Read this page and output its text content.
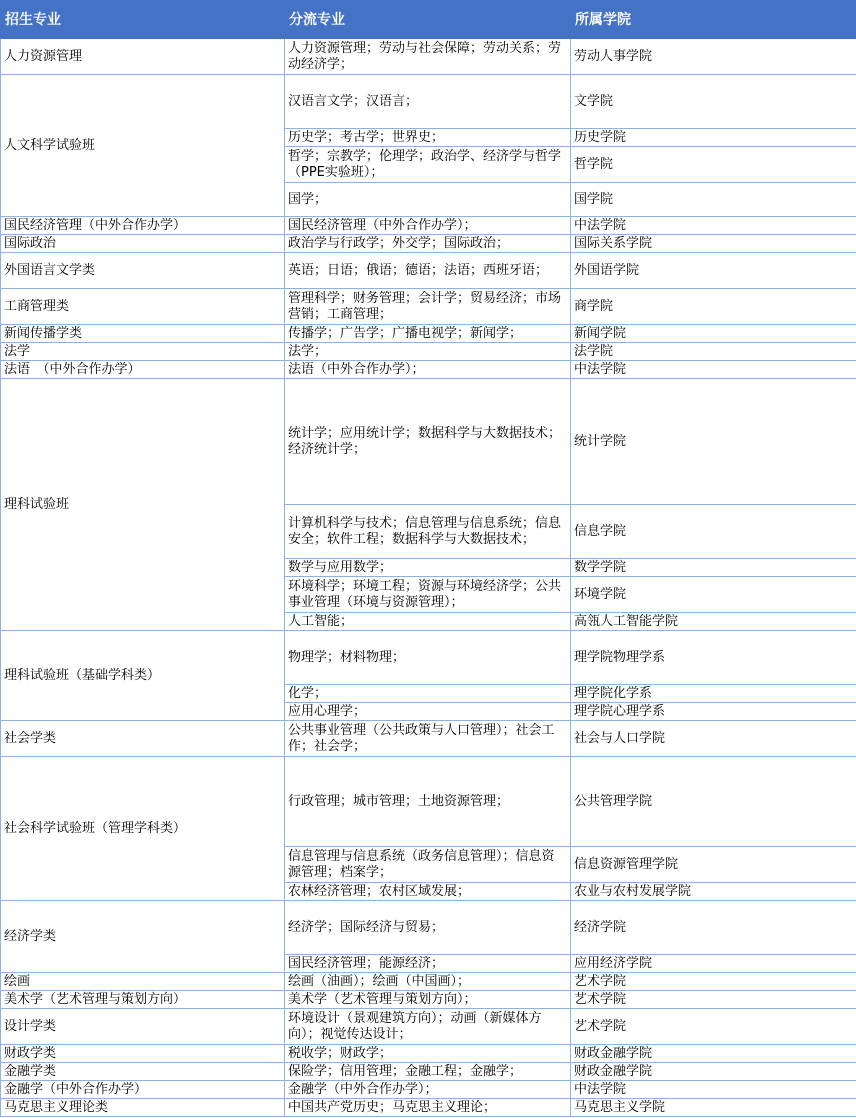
招生专业	分流专业	所属学院
人力资源管理	人力资源管理；劳动与社会保障；劳动关系；劳动经济学；	劳动人事学院
人文科学试验班	汉语言文学；汉语言；	文学院
	历史学；考古学；世界史；	历史学院
	哲学；宗教学；伦理学；政治学、经济学与哲学（PPE实验班）；	哲学院
	国学；	国学院
国民经济管理（中外合作办学）	国民经济管理（中外合作办学）；	中法学院
国际政治	政治学与行政学；外交学；国际政治；	国际关系学院
外国语言文学类	英语；日语；俄语；德语；法语；西班牙语；	外国语学院
工商管理类	管理科学；财务管理；会计学；贸易经济；市场营销；工商管理；	商学院
新闻传播学类	传播学；广告学；广播电视学；新闻学；	新闻学院
法学	法学；	法学院
法语　（中外合作办学）	法语（中外合作办学）；	中法学院
理科试验班	统计学；应用统计学；数据科学与大数据技术；经济统计学；	统计学院
	计算机科学与技术；信息管理与信息系统；信息安全；软件工程；数据科学与大数据技术；	信息学院
	数学与应用数学；	数学学院
	环境科学；环境工程；资源与环境经济学；公共事业管理（环境与资源管理）；	环境学院
	人工智能；	高瓴人工智能学院
理科试验班（基础学科类）	物理学；材料物理；	理学院物理学系
	化学；	理学院化学系
	应用心理学；	理学院心理学系
社会学类	公共事业管理（公共政策与人口管理）；社会工作；社会学；	社会与人口学院
社会科学试验班（管理学科类）	行政管理；城市管理；土地资源管理；	公共管理学院
	信息管理与信息系统（政务信息管理）；信息资源管理；档案学；	信息资源管理学院
	农林经济管理；农村区域发展；	农业与农村发展学院
经济学类	经济学；国际经济与贸易；	经济学院
	国民经济管理；能源经济；	应用经济学院
绘画	绘画（油画）；绘画（中国画）；	艺术学院
美术学（艺术管理与策划方向）	美术学（艺术管理与策划方向）；	艺术学院
设计学类	环境设计（景观建筑方向）；动画（新媒体方向）；视觉传达设计；	艺术学院
财政学类	税收学；财政学；	财政金融学院
金融学类	保险学；信用管理；金融工程；金融学；	财政金融学院
金融学（中外合作办学）	金融学（中外合作办学）；	中法学院
马克思主义理论类	中国共产党历史；马克思主义理论；	马克思主义学院
